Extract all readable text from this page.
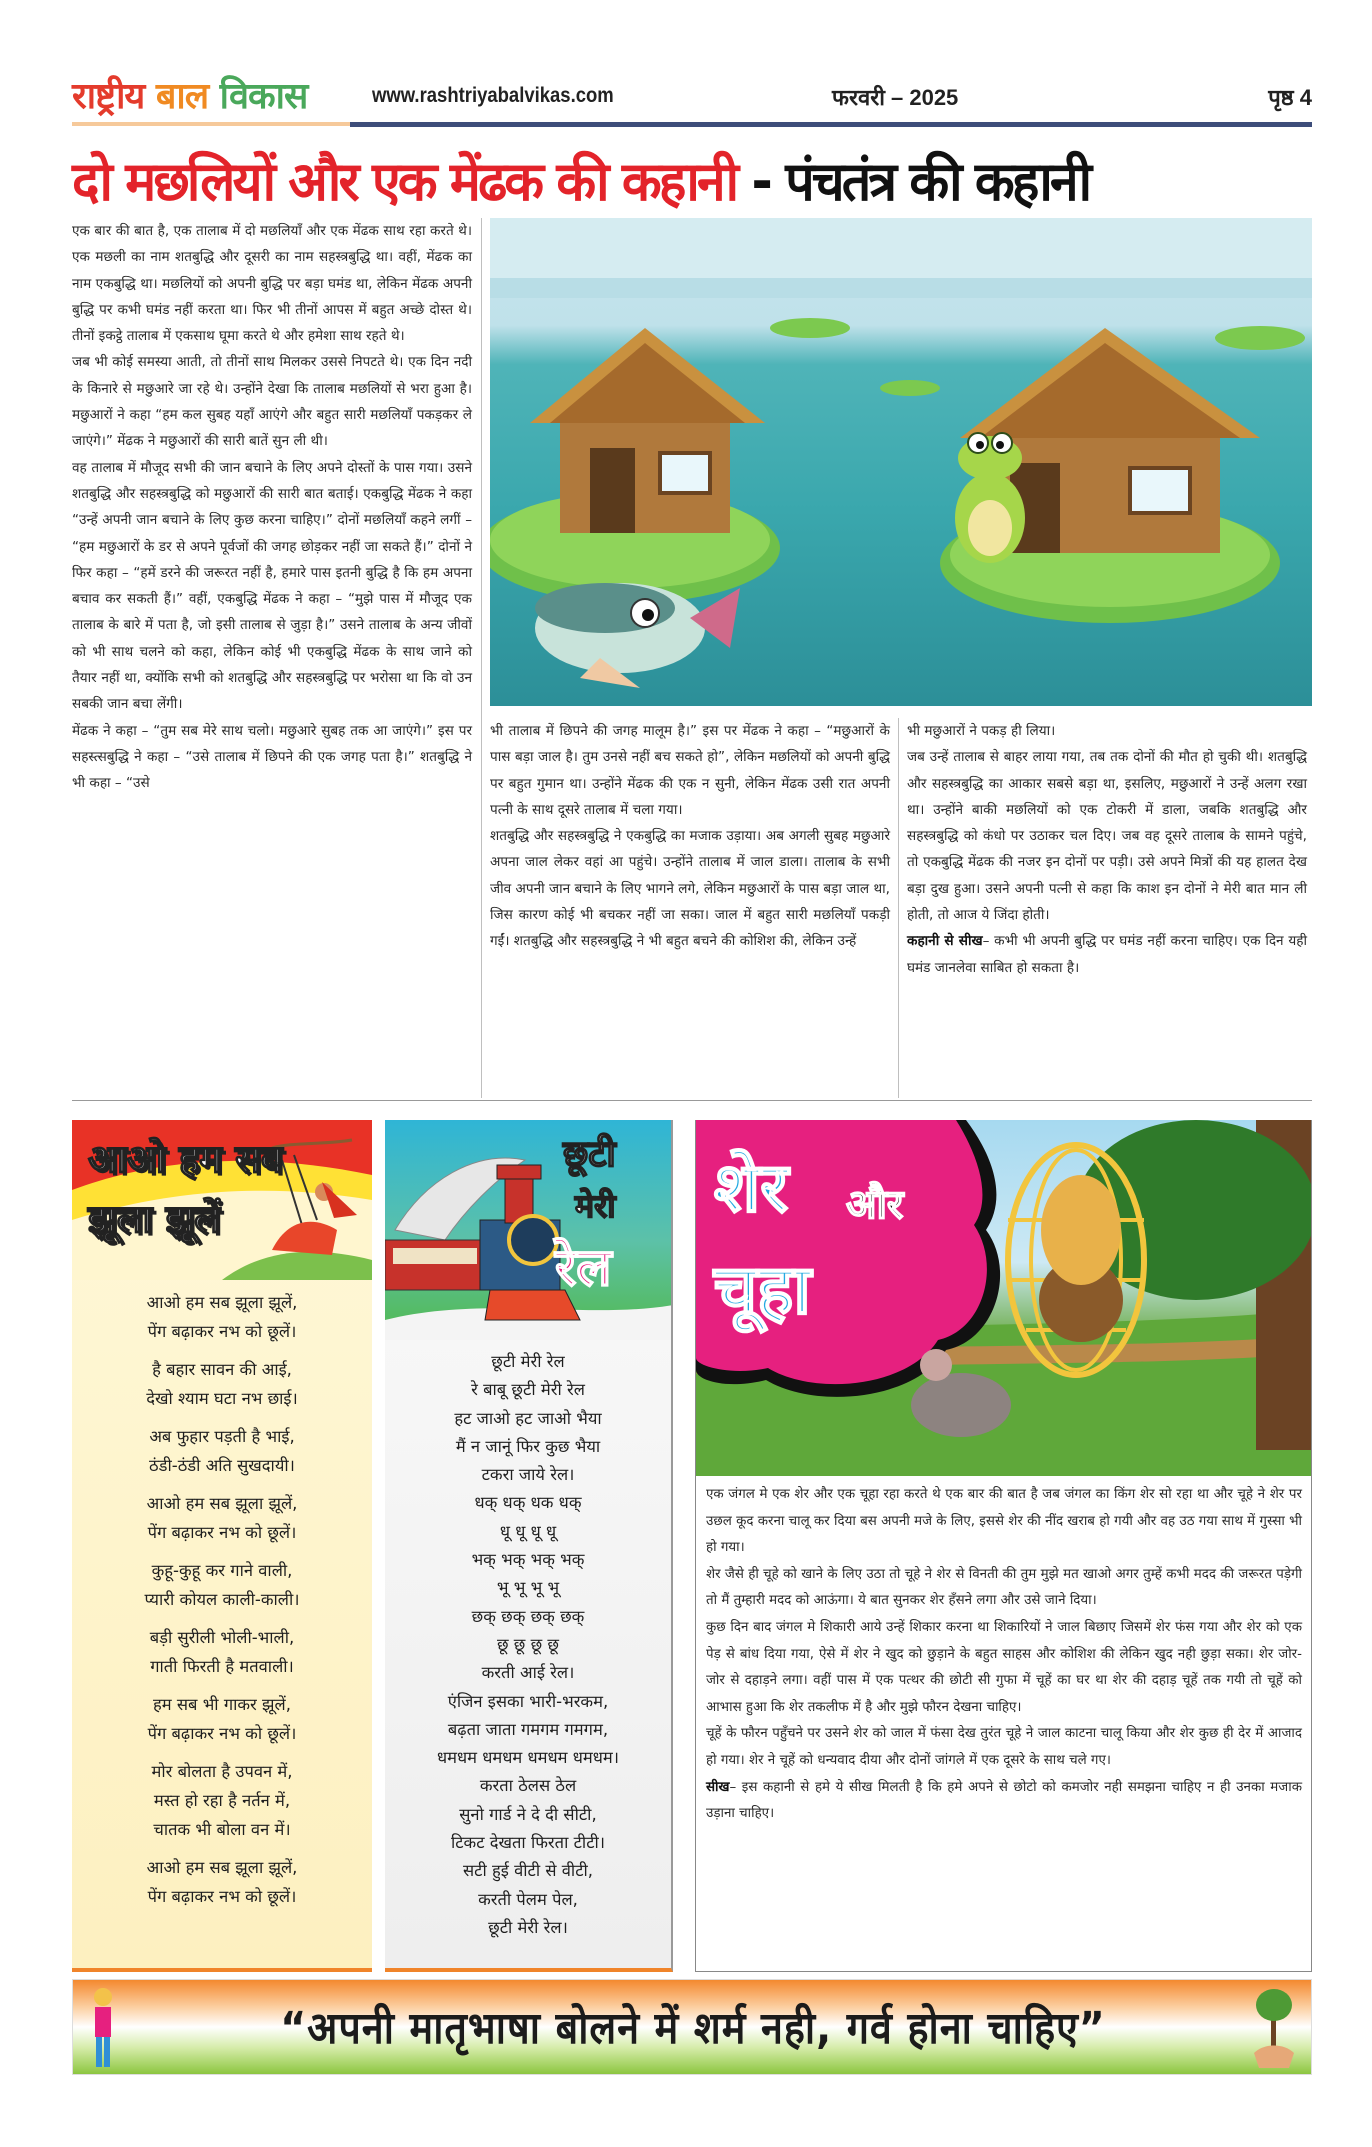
राष्ट्रीय बाल विकास	www.rashtriyabalvikas.com	फरवरी – 2025	पृष्ठ 4
दो मछलियों और एक मेंढक की कहानी - पंचतंत्र की कहानी

एक बार की बात है, एक तालाब में दो मछलियाँ और एक मेंढक साथ रहा करते थे। एक मछली का नाम शतबुद्धि और दूसरी का नाम सहस्त्रबुद्धि था। वहीं, मेंढक का नाम एकबुद्धि था। मछलियों को अपनी बुद्धि पर बड़ा घमंड था, लेकिन मेंढक अपनी बुद्धि पर कभी घमंड नहीं करता था। फिर भी तीनों आपस में बहुत अच्छे दोस्त थे। तीनों इकट्ठे तालाब में एकसाथ घूमा करते थे और हमेशा साथ रहते थे।

जब भी कोई समस्या आती, तो तीनों साथ मिलकर उससे निपटते थे। एक दिन नदी के किनारे से मछुआरे जा रहे थे। उन्होंने देखा कि तालाब मछलियों से भरा हुआ है। मछुआरों ने कहा “हम कल सुबह यहाँ आएंगे और बहुत सारी मछलियाँ पकड़कर ले जाएंगे।” मेंढक ने मछुआरों की सारी बातें सुन ली थी।

वह तालाब में मौजूद सभी की जान बचाने के लिए अपने दोस्तों के पास गया। उसने शतबुद्धि और सहस्त्रबुद्धि को मछुआरों की सारी बात बताई। एकबुद्धि मेंढक ने कहा “उन्हें अपनी जान बचाने के लिए कुछ करना चाहिए।” दोनों मछलियाँ कहने लगीं – “हम मछुआरों के डर से अपने पूर्वजों की जगह छोड़कर नहीं जा सकते हैं।” दोनों ने फिर कहा – “हमें डरने की जरूरत नहीं है, हमारे पास इतनी बुद्धि है कि हम अपना बचाव कर सकती हैं।” वहीं, एकबुद्धि मेंढक ने कहा – “मुझे पास में मौजूद एक तालाब के बारे में पता है, जो इसी तालाब से जुड़ा है।” उसने तालाब के अन्य जीवों को भी साथ चलने को कहा, लेकिन कोई भी एकबुद्धि मेंढक के साथ जाने को तैयार नहीं था, क्योंकि सभी को शतबुद्धि और सहस्त्रबुद्धि पर भरोसा था कि वो उन सबकी जान बचा लेंगी।

मेंढक ने कहा – “तुम सब मेरे साथ चलो। मछुआरे सुबह तक आ जाएंगे।” इस पर सहस्त्सबुद्धि ने कहा – “उसे तालाब में छिपने की एक जगह पता है।” शतबुद्धि ने भी कहा – “उसे

भी तालाब में छिपने की जगह मालूम है।” इस पर मेंढक ने कहा – “मछुआरों के पास बड़ा जाल है। तुम उनसे नहीं बच सकते हो”, लेकिन मछलियों को अपनी बुद्धि पर बहुत गुमान था। उन्होंने मेंढक की एक न सुनी, लेकिन मेंढक उसी रात अपनी पत्नी के साथ दूसरे तालाब में चला गया।

शतबुद्धि और सहस्त्रबुद्धि ने एकबुद्धि का मजाक उड़ाया। अब अगली सुबह मछुआरे अपना जाल लेकर वहां आ पहुंचे। उन्होंने तालाब में जाल डाला। तालाब के सभी जीव अपनी जान बचाने के लिए भागने लगे, लेकिन मछुआरों के पास बड़ा जाल था, जिस कारण कोई भी बचकर नहीं जा सका। जाल में बहुत सारी मछलियाँ पकड़ी गईं। शतबुद्धि और सहस्त्रबुद्धि ने भी बहुत बचने की कोशिश की, लेकिन उन्हें

भी मछुआरों ने पकड़ ही लिया।

जब उन्हें तालाब से बाहर लाया गया, तब तक दोनों की मौत हो चुकी थी। शतबुद्धि और सहस्त्रबुद्धि का आकार सबसे बड़ा था, इसलिए, मछुआरों ने उन्हें अलग रखा था। उन्होंने बाकी मछलियों को एक टोकरी में डाला, जबकि शतबुद्धि और सहस्त्रबुद्धि को कंधो पर उठाकर चल दिए। जब वह दूसरे तालाब के सामने पहुंचे, तो एकबुद्धि मेंढक की नजर इन दोनों पर पड़ी। उसे अपने मित्रों की यह हालत देख बड़ा दुख हुआ। उसने अपनी पत्नी से कहा कि काश इन दोनों ने मेरी बात मान ली होती, तो आज ये जिंदा होती।

कहानी से सीख– कभी भी अपनी बुद्धि पर घमंड नहीं करना चाहिए। एक दिन यही घमंड जानलेवा साबित हो सकता है।

आओ हम सब
झूला झूलें
आओ हम सब झूला झूलें,
पेंग बढ़ाकर नभ को छूलें।
है बहार सावन की आई,
देखो श्याम घटा नभ छाई।
अब फुहार पड़ती है भाई,
ठंडी-ठंडी अति सुखदायी।
आओ हम सब झूला झूलें,
पेंग बढ़ाकर नभ को छूलें।
कुहू-कुहू कर गाने वाली,
प्यारी कोयल काली-काली।
बड़ी सुरीली भोली-भाली,
गाती फिरती है मतवाली।
हम सब भी गाकर झूलें,
पेंग बढ़ाकर नभ को छूलें।
मोर बोलता है उपवन में,
मस्त हो रहा है नर्तन में,
चातक भी बोला वन में।
आओ हम सब झूला झूलें,
पेंग बढ़ाकर नभ को छूलें।
छूटी
मेरी
रेल
छूटी मेरी रेल
रे बाबू छूटी मेरी रेल
हट जाओ हट जाओ भैया
मैं न जानूं फिर कुछ भैया
टकरा जाये रेल।
धक् धक् धक धक्
धू धू धू धू
भक् भक् भक् भक्
भू भू भू भू
छक् छक् छक् छक्
छू छू छू छू
करती आई रेल।
एंजिन इसका भारी-भरकम,
बढ़ता जाता गमगम गमगम,
धमधम धमधम धमधम धमधम।
करता ठेलस ठेल
सुनो गार्ड ने दे दी सीटी,
टिकट देखता फिरता टीटी।
सटी हुई वीटी से वीटी,
करती पेलम पेल,
छूटी मेरी रेल।
शेर और
चूहा

एक जंगल मे एक शेर और एक चूहा रहा करते थे एक बार की बात है जब जंगल का किंग शेर सो रहा था और चूहे ने शेर पर उछल कूद करना चालू कर दिया बस अपनी मजे के लिए, इससे शेर की नींद खराब हो गयी और वह उठ गया साथ में गुस्सा भी हो गया।

शेर जैसे ही चूहे को खाने के लिए उठा तो चूहे ने शेर से विनती की तुम मुझे मत खाओ अगर तुम्हें कभी मदद की जरूरत पड़ेगी तो मैं तुम्हारी मदद को आऊंगा। ये बात सुनकर शेर हँसने लगा और उसे जाने दिया।

कुछ दिन बाद जंगल मे शिकारी आये उन्हें शिकार करना था शिकारियों ने जाल बिछाए जिसमें शेर फंस गया और शेर को एक पेड़ से बांध दिया गया, ऐसे में शेर ने खुद को छुड़ाने के बहुत साहस और कोशिश की लेकिन खुद नही छुड़ा सका। शेर जोर-जोर से दहाड़ने लगा। वहीं पास में एक पत्थर की छोटी सी गुफा में चूहें का घर था शेर की दहाड़ चूहें तक गयी तो चूहें को आभास हुआ कि शेर तकलीफ में है और मुझे फौरन देखना चाहिए।

चूहें के फौरन पहुँचने पर उसने शेर को जाल में फंसा देख तुरंत चूहे ने जाल काटना चालू किया और शेर कुछ ही देर में आजाद हो गया। शेर ने चूहें को धन्यवाद दीया और दोनों जांगले में एक दूसरे के साथ चले गए।

सीख– इस कहानी से हमे ये सीख मिलती है कि हमे अपने से छोटो को कमजोर नही समझना चाहिए न ही उनका मजाक उड़ाना चाहिए।

“अपनी मातृभाषा बोलने में शर्म नही, गर्व होना चाहिए”
